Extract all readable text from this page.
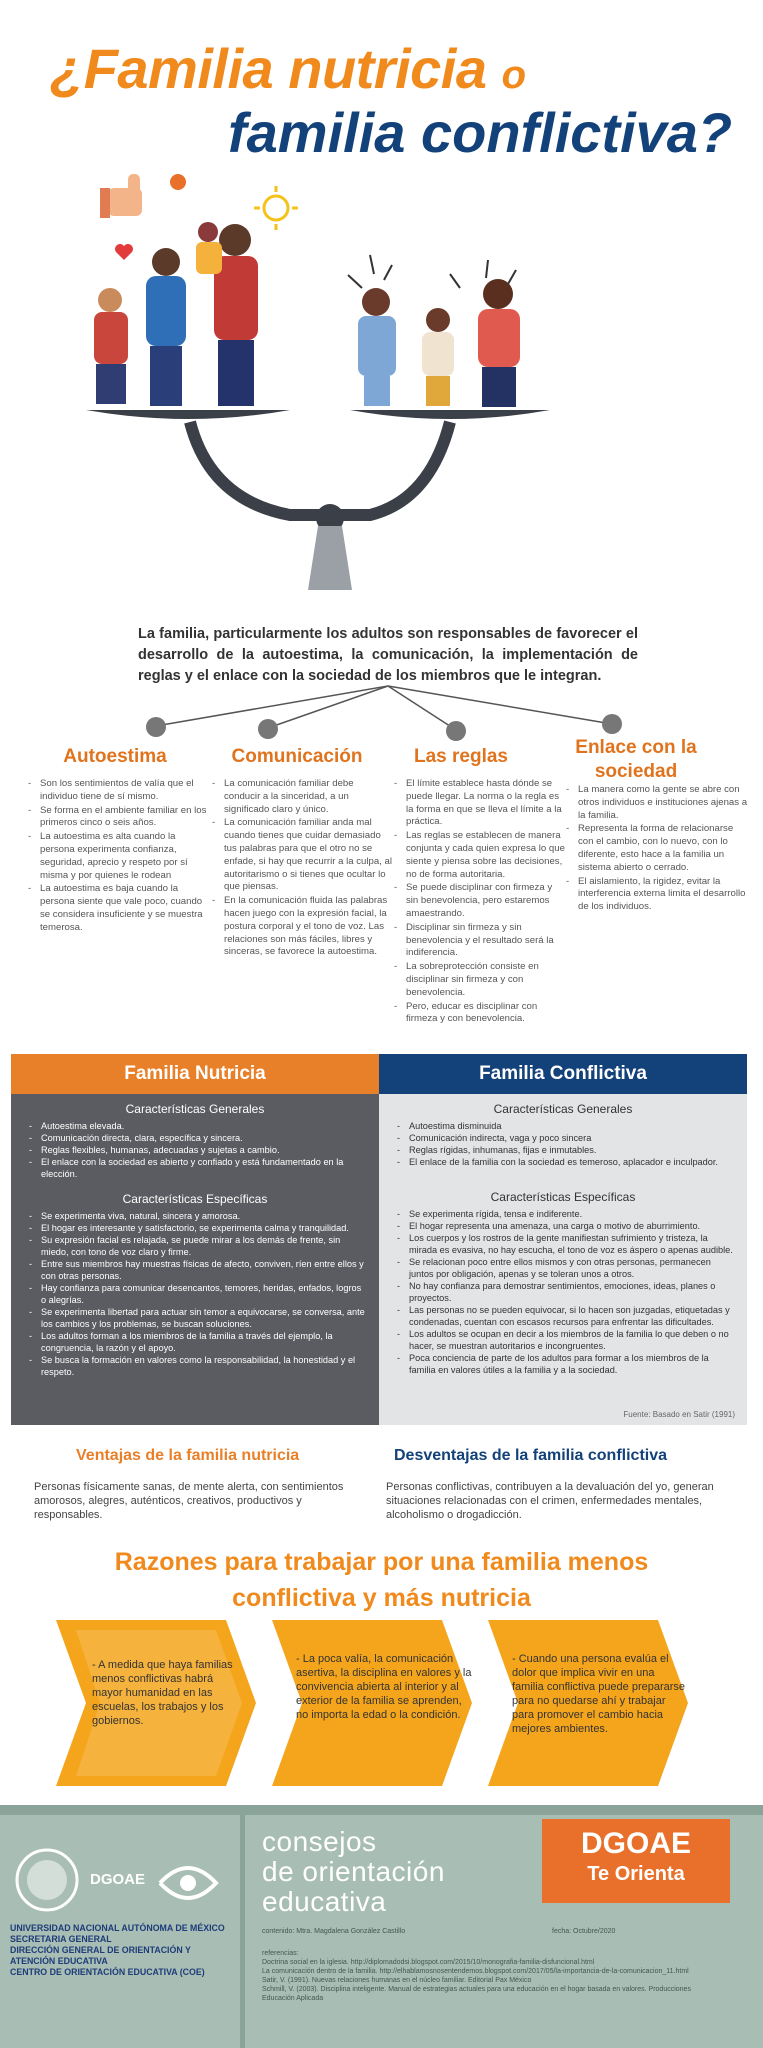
¿Familia nutricia o
familia conflictiva?
La familia, particularmente los adultos son responsables de favorecer el desarrollo de la autoestima, la comunicación, la implementación de reglas y el enlace con la sociedad de los miembros que le integran.
Autoestima
- Son los sentimientos de valía que el individuo tiene de sí mismo.
- Se forma en el ambiente familiar en los primeros cinco o seis años.
- La autoestima es alta cuando la persona experimenta confianza, seguridad, aprecio y respeto por sí misma y por quienes le rodean
- La autoestima es baja cuando la persona siente que vale poco, cuando se considera insuficiente y se muestra temerosa.
Comunicación
- La comunicación familiar debe conducir a la sinceridad, a un significado claro y único.
- La comunicación familiar anda mal cuando tienes que cuidar demasiado tus palabras para que el otro no se enfade, si hay que recurrir a la culpa, al autoritarismo o si tienes que ocultar lo que piensas.
- En la comunicación fluida las palabras hacen juego con la expresión facial, la postura corporal y el tono de voz. Las relaciones son más fáciles, libres y sinceras, se favorece la autoestima.
Las reglas
- El límite establece hasta dónde se puede llegar. La norma o la regla es la forma en que se lleva el límite a la práctica.
- Las reglas se establecen de manera conjunta y cada quien expresa lo que siente y piensa sobre las decisiones, no de forma autoritaria.
- Se puede disciplinar con firmeza y sin benevolencia, pero estaremos amaestrando.
- Disciplinar sin firmeza y sin benevolencia y el resultado será la indiferencia.
- La sobreprotección consiste en disciplinar sin firmeza y con benevolencia.
- Pero, educar es disciplinar con firmeza y con benevolencia.
Enlace con la sociedad
- La manera como la gente se abre con otros individuos e instituciones ajenas a la familia.
- Representa la forma de relacionarse con el cambio, con lo nuevo, con lo diferente, esto hace a la familia un sistema abierto o cerrado.
- El aislamiento, la rigidez, evitar la interferencia externa limita el desarrollo de los individuos.
Familia Nutricia	Familia Conflictiva
Características Generales
- Autoestima elevada.
- Comunicación directa, clara, específica y sincera.
- Reglas flexibles, humanas, adecuadas y sujetas a cambio.
- El enlace con la sociedad es abierto y confiado y está fundamentado en la elección.
Características Específicas
- Se experimenta viva, natural, sincera y amorosa.
- El hogar es interesante y satisfactorio, se experimenta calma y tranquilidad.
- Su expresión facial es relajada, se puede mirar a los demás de frente, sin miedo, con tono de voz claro y firme.
- Entre sus miembros hay muestras físicas de afecto, conviven, ríen entre ellos y con otras personas.
- Hay confianza para comunicar desencantos, temores, heridas, enfados, logros o alegrías.
- Se experimenta libertad para actuar sin temor a equivocarse, se conversa, ante los cambios y los problemas, se buscan soluciones.
- Los adultos forman a los miembros de la familia a través del ejemplo, la congruencia, la razón y el apoyo.
- Se busca la formación en valores como la responsabilidad, la honestidad y el respeto.
Características Generales
- Autoestima disminuida
- Comunicación indirecta, vaga y poco sincera
- Reglas rígidas, inhumanas, fijas e inmutables.
- El enlace de la familia con la sociedad es temeroso, aplacador e inculpador.
Características Específicas
- Se experimenta rígida, tensa e indiferente.
- El hogar representa una amenaza, una carga o motivo de aburrimiento.
- Los cuerpos y los rostros de la gente manifiestan sufrimiento y tristeza, la mirada es evasiva, no hay escucha, el tono de voz es áspero o apenas audible.
- Se relacionan poco entre ellos mismos y con otras personas, permanecen juntos por obligación, apenas y se toleran unos a otros.
- No hay confianza para demostrar sentimientos, emociones, ideas, planes o proyectos.
- Las personas no se pueden equivocar, si lo hacen son juzgadas, etiquetadas y condenadas, cuentan con escasos recursos para enfrentar las dificultades.
- Los adultos se ocupan en decir a los miembros de la familia lo que deben o no hacer, se muestran autoritarios e incongruentes.
- Poca conciencia de parte de los adultos para formar a los miembros de la familia en valores útiles a la familia y a la sociedad.
Fuente: Basado en Satir (1991)
Ventajas de la familia nutricia
Personas físicamente sanas, de mente alerta, con sentimientos amorosos, alegres, auténticos, creativos, productivos y responsables.
Desventajas de la familia conflictiva
Personas conflictivas, contribuyen a la devaluación del yo, generan situaciones relacionadas con el crimen, enfermedades mentales, alcoholismo o drogadicción.
Razones para trabajar por una familia menos
conflictiva y más nutricia
- A medida que haya familias menos conflictivas habrá mayor humanidad en las escuelas, los trabajos y los gobiernos.
- La poca valía, la comunicación asertiva, la disciplina en valores y la convivencia abierta al interior y al exterior de la familia se aprenden, no importa la edad o la condición.
- Cuando una persona evalúa el dolor que implica vivir en una familia conflictiva puede prepararse para no quedarse ahí y trabajar para promover el cambio hacia mejores ambientes.
DGOAE
UNIVERSIDAD NACIONAL AUTÓNOMA DE MÉXICO
SECRETARIA GENERAL
DIRECCIÓN GENERAL DE ORIENTACIÓN Y ATENCIÓN EDUCATIVA
CENTRO DE ORIENTACIÓN EDUCATIVA (COE)
consejos
de orientación
educativa
DGOAE
Te Orienta
contenido: Mtra. Magdalena González Castillo	fecha: Octubre/2020
referencias:
Doctrina social en la iglesia. http://diplomadodsi.blogspot.com/2015/10/monografia-familia-disfuncional.html
La comunicación dentro de la familia. http://elhablamosnosentendemos.blogspot.com/2017/05/la-importancia-de-la-comunicacion_11.html
Satir, V. (1991). Nuevas relaciones humanas en el núcleo familiar. Editorial Pax México
Schmill, V. (2003). Disciplina inteligente. Manual de estrategias actuales para una educación en el hogar basada en valores. Producciones Educación Aplicada
